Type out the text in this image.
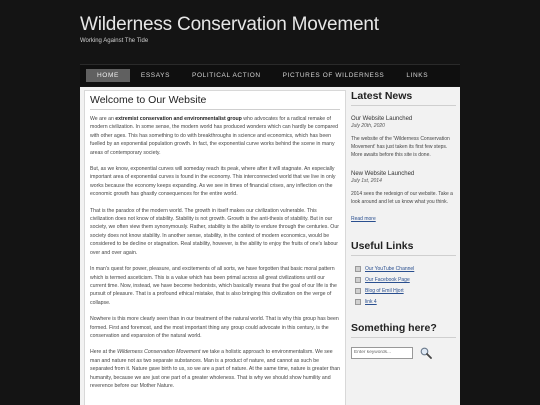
Wilderness Conservation Movement
Working Against The Tide
HOME	ESSAYS	POLITICAL ACTION	PICTURES OF WILDERNESS	LINKS
Welcome to Our Website

We are an extremist conservation and environmentalist group who advocates for a radical remake of modern civilization. In some sense, the modern world has produced wonders which can hardly be compared with other ages. This has something to do with breakthroughs in science and economics, which has been fuelled by an exponential population growth. In fact, the exponential curve works behind the scene in many areas of contemporary society.

But, as we know, exponential curves will someday reach its peak, where after it will stagnate. An especially important area of exponential curves is found in the economy. This interconnected world that we live in only works because the economy keeps expanding. As we see in times of financial crises, any inflection on the economic growth has ghastly consequences for the entire world.

That is the paradox of the modern world. The growth in itself makes our civilization vulnerable. This civilization does not know of stability. Stability is not growth. Growth is the anti-thesis of stability. But in our society, we often view them synonymously. Rather, stability is the ability to endure through the centuries. Our society does not know stability. In another sense, stability, in the context of modern economics, would be considered to be decline or stagnation. Real stability, however, is the ability to enjoy the fruits of one's labour over and over again.

In man's quest for power, pleasure, and excitements of all sorts, we have forgotten that basic moral pattern which is termed asceticism. This is a value which has been primal across all great civilizations until our current time. Now, instead, we have become hedonists, which basically means that the goal of our life is the pursuit of pleasure. That is a profound ethical mistake, that is also bringing this civilization on the verge of collapse.

Nowhere is this more clearly seen than in our treatment of the natural world. That is why this group has been formed. First and foremost, and the most important thing any group could advocate in this century, is the conservation and expansion of the natural world.

Here at the Wilderness Conservation Movement we take a holistic approach to environmentalism. We see man and nature not as two separate substances. Man is a product of nature, and cannot as such be separated from it. Nature gave birth to us, so we are a part of nature. At the same time, nature is greater than humanity, because we are just one part of a greater wholeness. That is why we should show humility and reverence before our Mother Nature.

Latest News

Our Website Launched

July 20th, 2020

The website of the 'Wilderness Conservation Movement' has just taken its first few steps. More awaits before this site is done.

New Website Launched

July 1st, 2014

2014 sees the redesign of our website. Take a look around and let us know what you think.

Read more
Useful Links
Our YouTube Channel
Our Facebook Page
Blog of Emil Hjort
link 4
Something here?
Enter keywords...
